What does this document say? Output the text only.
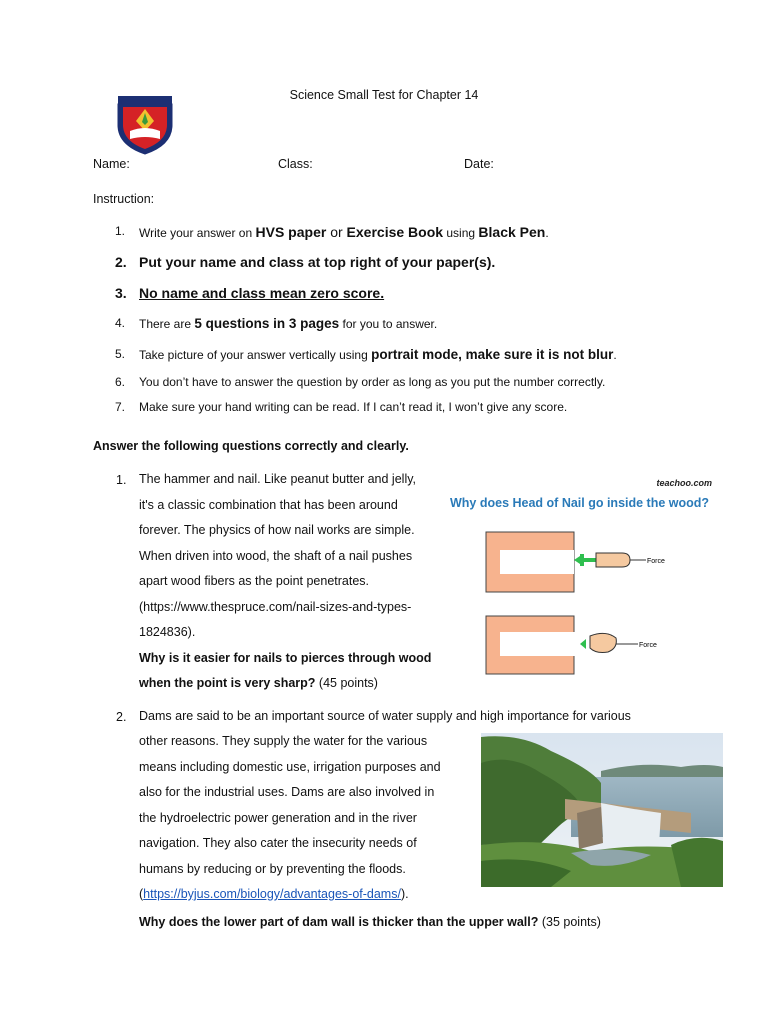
Science Small Test for Chapter 14
Name:	Class:	Date:
Instruction:
1. Write your answer on HVS paper or Exercise Book using Black Pen.
2. Put your name and class at top right of your paper(s).
3. No name and class mean zero score.
4. There are 5 questions in 3 pages for you to answer.
5. Take picture of your answer vertically using portrait mode, make sure it is not blur.
6. You don’t have to answer the question by order as long as you put the number correctly.
7. Make sure your hand writing can be read. If I can’t read it, I won’t give any score.
Answer the following questions correctly and clearly.
1. The hammer and nail. Like peanut butter and jelly,
it's a classic combination that has been around
forever. The physics of how nail works are simple.
When driven into wood, the shaft of a nail pushes
apart wood fibers as the point penetrates.
(https://www.thespruce.com/nail-sizes-and-types-
1824836).
Why is it easier for nails to pierces through wood
when the point is very sharp? (45 points)
teachoo.com
Why does Head of Nail go inside the wood?
Force
Force
2. Dams are said to be an important source of water supply and high importance for various
other reasons. They supply the water for the various
means including domestic use, irrigation purposes and
also for the industrial uses. Dams are also involved in
the hydroelectric power generation and in the river
navigation. They also cater the insecurity needs of
humans by reducing or by preventing the floods.
(https://byjus.com/biology/advantages-of-dams/).
Why does the lower part of dam wall is thicker than the upper wall? (35 points)
